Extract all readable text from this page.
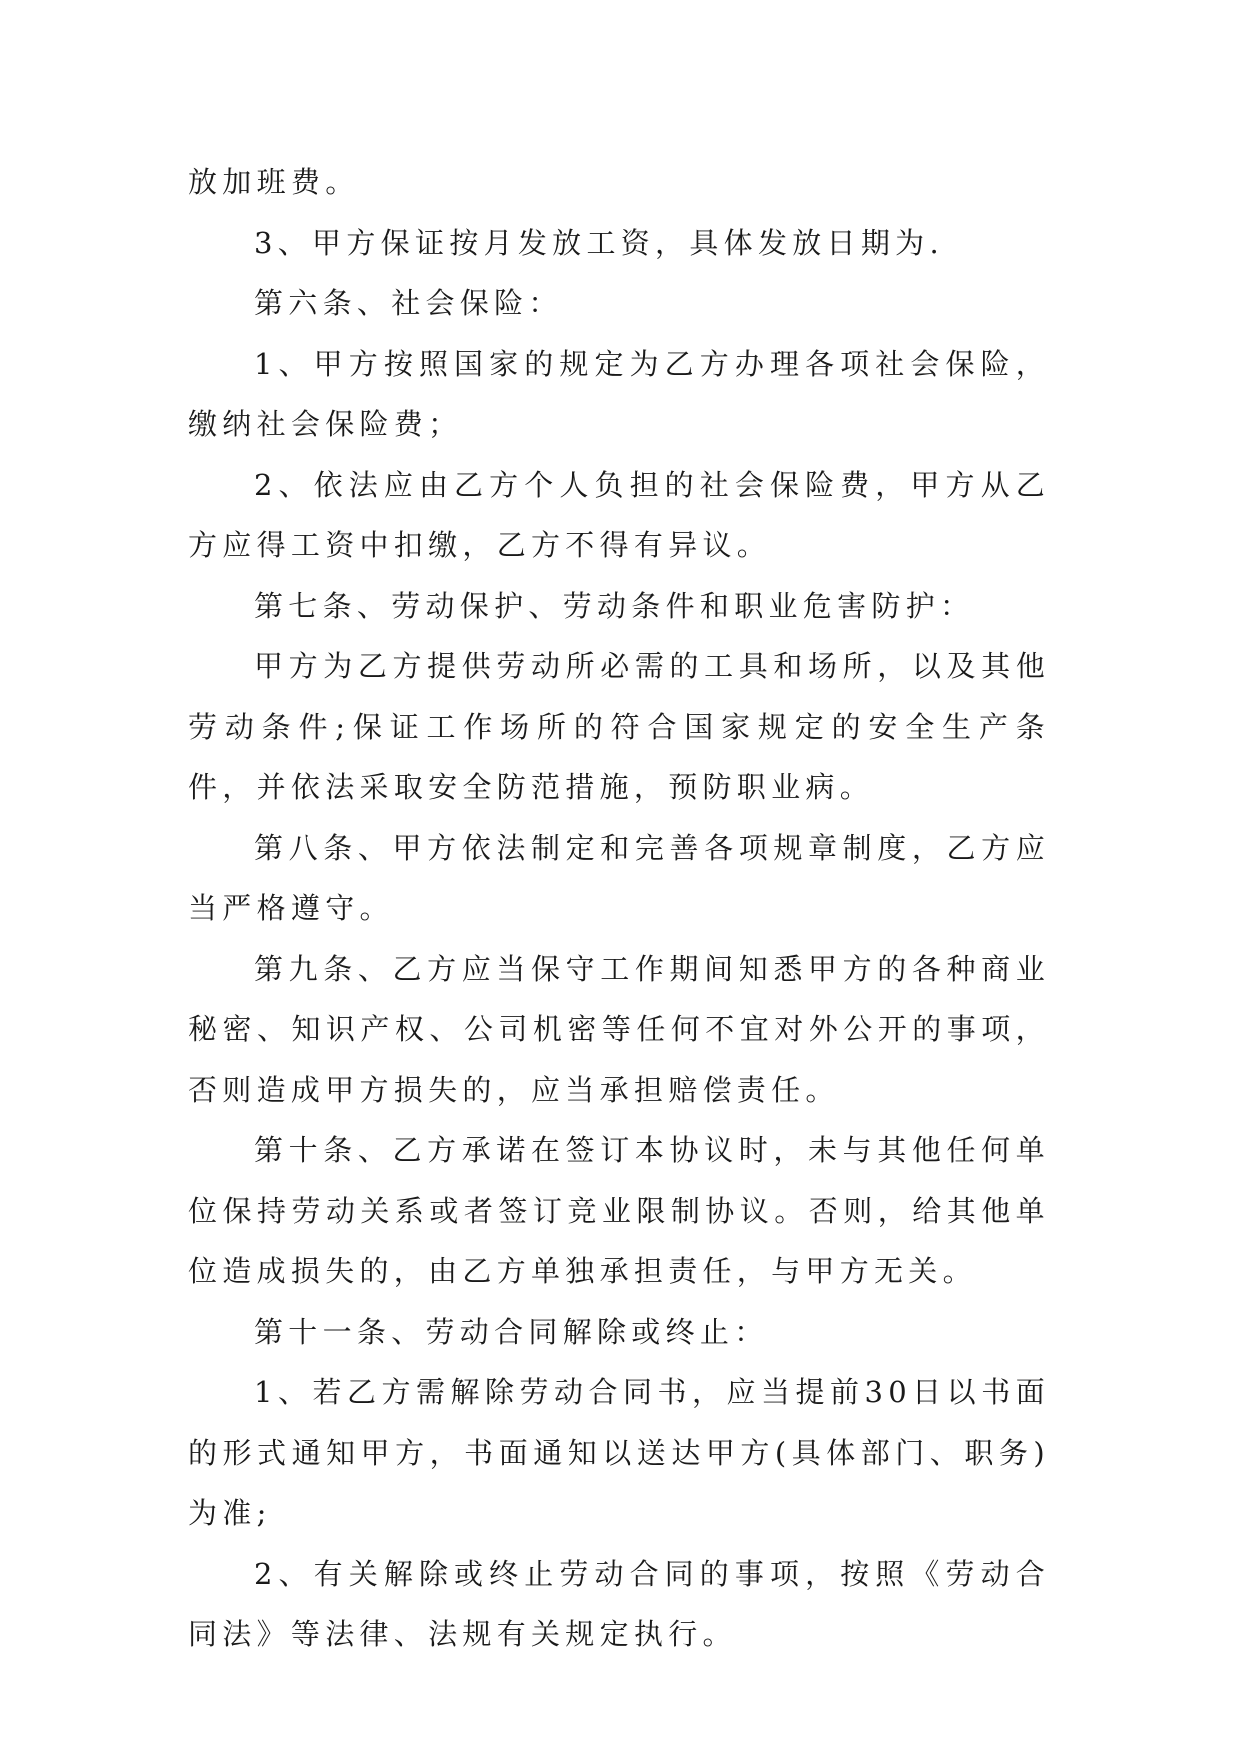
放加班费。

3、甲方保证按月发放工资，具体发放日期为.

第六条、社会保险：

1、甲方按照国家的规定为乙方办理各项社会保险，缴纳社会保险费；

2、依法应由乙方个人负担的社会保险费，甲方从乙方应得工资中扣缴，乙方不得有异议。

第七条、劳动保护、劳动条件和职业危害防护：

甲方为乙方提供劳动所必需的工具和场所，以及其他劳动条件;保证工作场所的符合国家规定的安全生产条件，并依法采取安全防范措施，预防职业病。

第八条、甲方依法制定和完善各项规章制度，乙方应当严格遵守。

第九条、乙方应当保守工作期间知悉甲方的各种商业秘密、知识产权、公司机密等任何不宜对外公开的事项，否则造成甲方损失的，应当承担赔偿责任。

第十条、乙方承诺在签订本协议时，未与其他任何单位保持劳动关系或者签订竞业限制协议。否则，给其他单位造成损失的，由乙方单独承担责任，与甲方无关。

第十一条、劳动合同解除或终止：

1、若乙方需解除劳动合同书，应当提前30日以书面的形式通知甲方，书面通知以送达甲方(具体部门、职务)为准;

2、有关解除或终止劳动合同的事项，按照《劳动合同法》等法律、法规有关规定执行。
